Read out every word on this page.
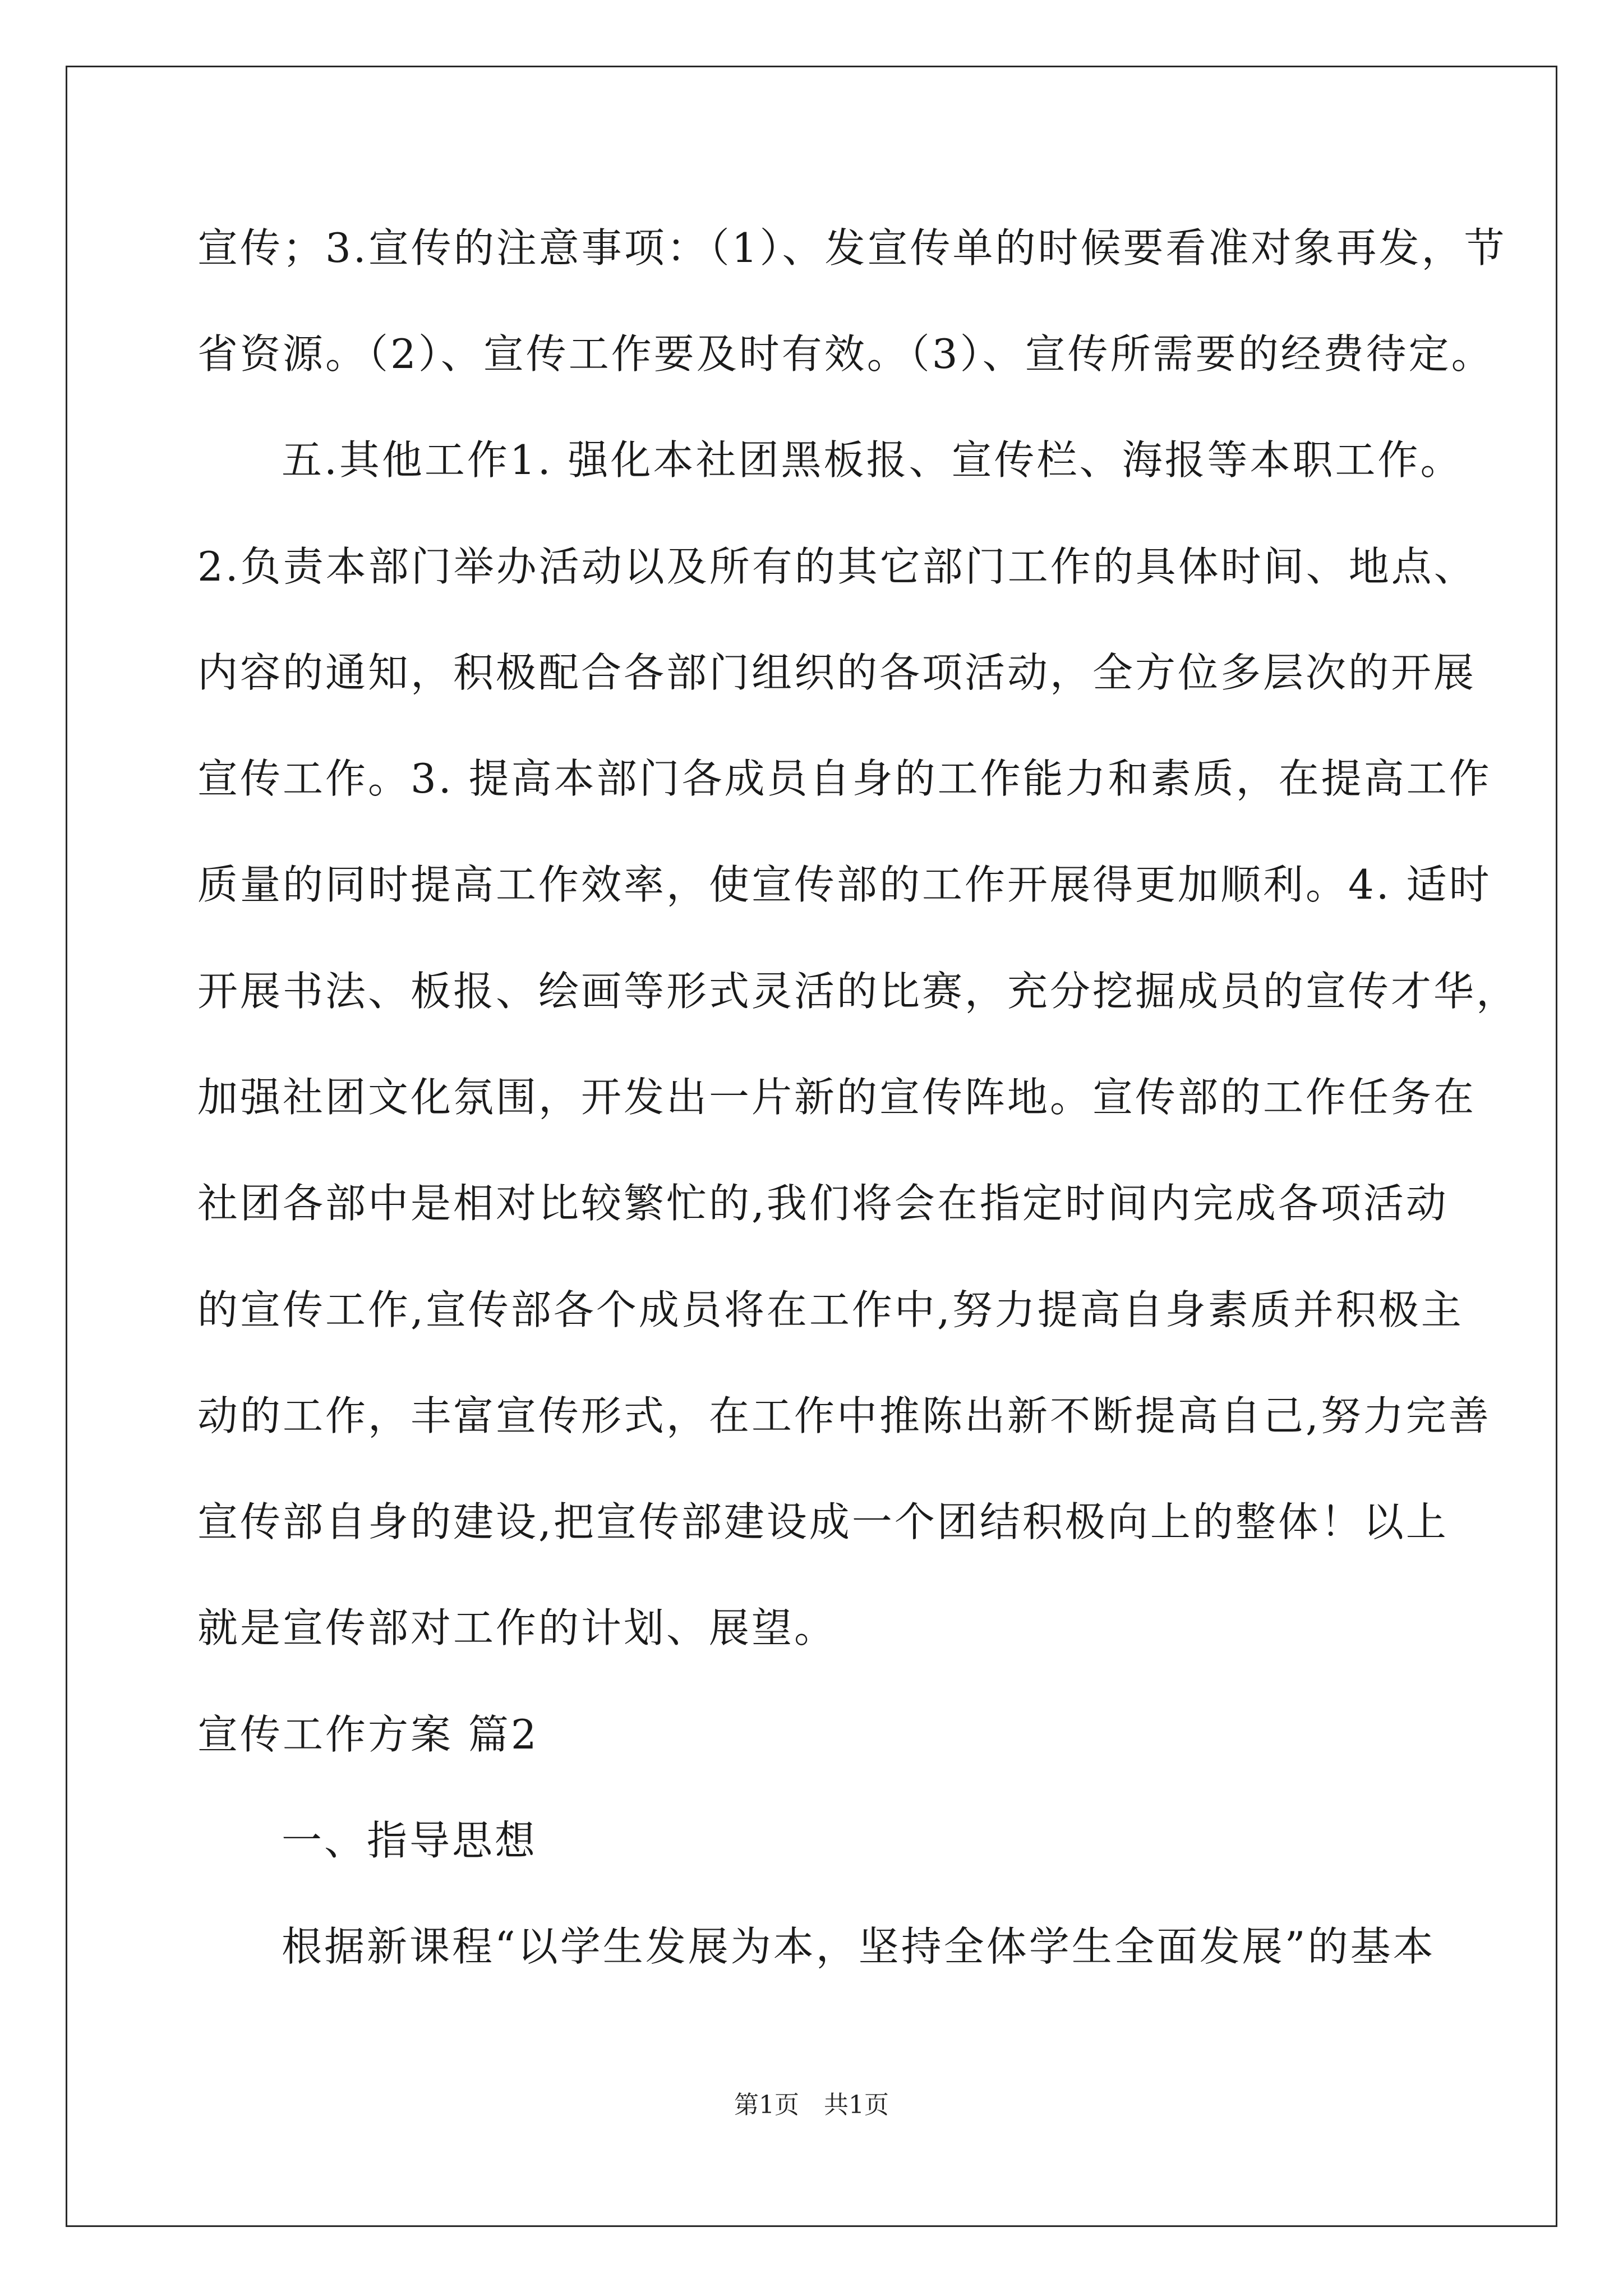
宣传；3.宣传的注意事项：（1）、发宣传单的时候要看准对象再发，节
省资源。（2）、宣传工作要及时有效。（3）、宣传所需要的经费待定。
五.其他工作1. 强化本社团黑板报、宣传栏、海报等本职工作。
2.负责本部门举办活动以及所有的其它部门工作的具体时间、地点、
内容的通知，积极配合各部门组织的各项活动，全方位多层次的开展
宣传工作。3. 提高本部门各成员自身的工作能力和素质，在提高工作
质量的同时提高工作效率，使宣传部的工作开展得更加顺利。4. 适时
开展书法、板报、绘画等形式灵活的比赛，充分挖掘成员的宣传才华，
加强社团文化氛围，开发出一片新的宣传阵地。宣传部的工作任务在
社团各部中是相对比较繁忙的,我们将会在指定时间内完成各项活动
的宣传工作,宣传部各个成员将在工作中,努力提高自身素质并积极主
动的工作，丰富宣传形式，在工作中推陈出新不断提高自己,努力完善
宣传部自身的建设,把宣传部建设成一个团结积极向上的整体！以上
就是宣传部对工作的计划、展望。
宣传工作方案 篇2
一、指导思想
根据新课程“以学生发展为本，坚持全体学生全面发展”的基本
第1页　共1页
